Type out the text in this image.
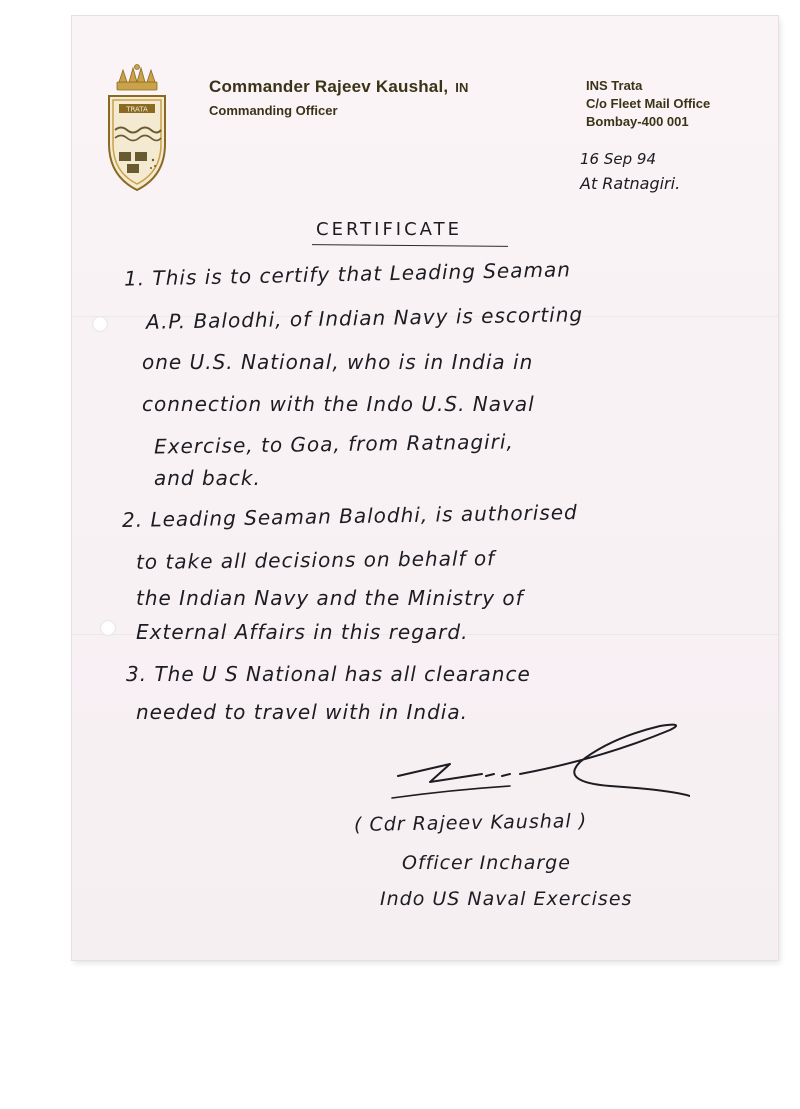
TRATA
Commander Rajeev Kaushal, IN
Commanding Officer
INS Trata
C/o Fleet Mail Office
Bombay-400 001
16 Sep 94
At Ratnagiri.
CERTIFICATE
1. This is to certify that Leading Seaman
A.P. Balodhi, of Indian Navy is escorting
one U.S. National, who is in India in
connection with the Indo U.S. Naval
Exercise, to Goa, from Ratnagiri,
and back.
2. Leading Seaman Balodhi, is authorised
to take all decisions on behalf of
the Indian Navy and the Ministry of
External Affairs in this regard.
3. The U S National has all clearance
needed to travel with in India.
( Cdr Rajeev Kaushal )
Officer Incharge
Indo US Naval Exercises
